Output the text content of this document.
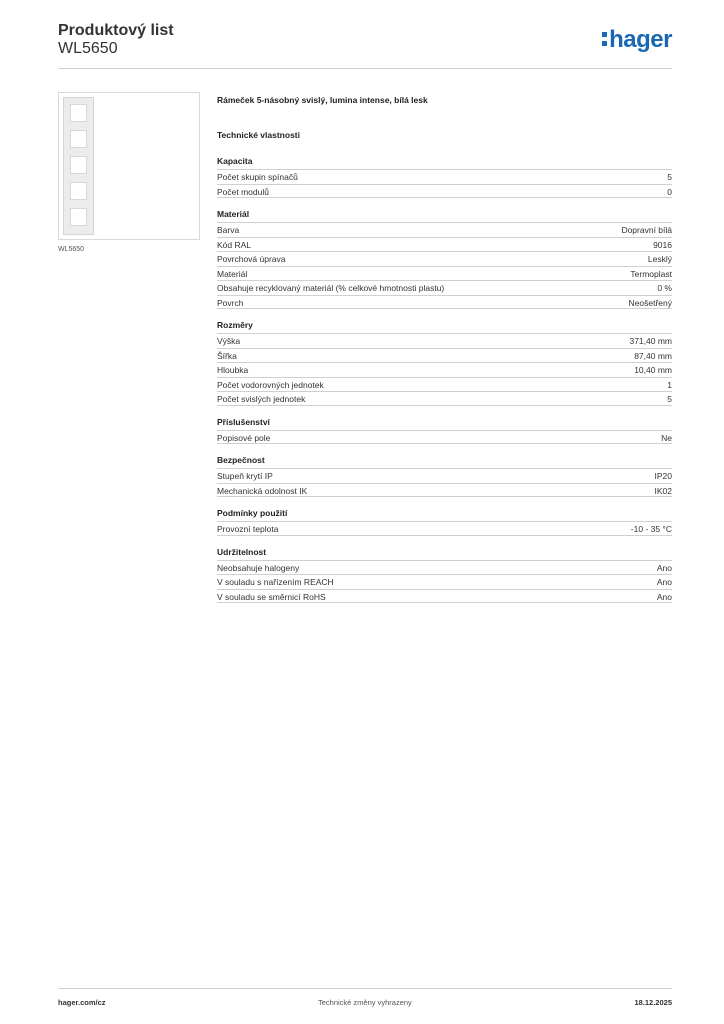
Produktový list
WL5650	hager
WL5650
Rámeček 5-násobný svislý, lumina intense, bílá lesk
Technické vlastnosti
Kapacita
Počet skupin spínačů	5
Počet modulů	0
Materiál
Barva	Dopravní bílá
Kód RAL	9016
Povrchová úprava	Lesklý
Materiál	Termoplast
Obsahuje recyklovaný materiál (% celkové hmotnosti plastu)	0 %
Povrch	Neošetřený
Rozměry
Výška	371,40 mm
Šířka	87,40 mm
Hloubka	10,40 mm
Počet vodorovných jednotek	1
Počet svislých jednotek	5
Příslušenství
Popisové pole	Ne
Bezpečnost
Stupeň krytí IP	IP20
Mechanická odolnost IK	IK02
Podmínky použití
Provozní teplota	-10 - 35 °C
Udržitelnost
Neobsahuje halogeny	Ano
V souladu s nařízením REACH	Ano
V souladu se směrnicí RoHS	Ano
hager.com/cz	Technické změny vyhrazeny	18.12.2025
